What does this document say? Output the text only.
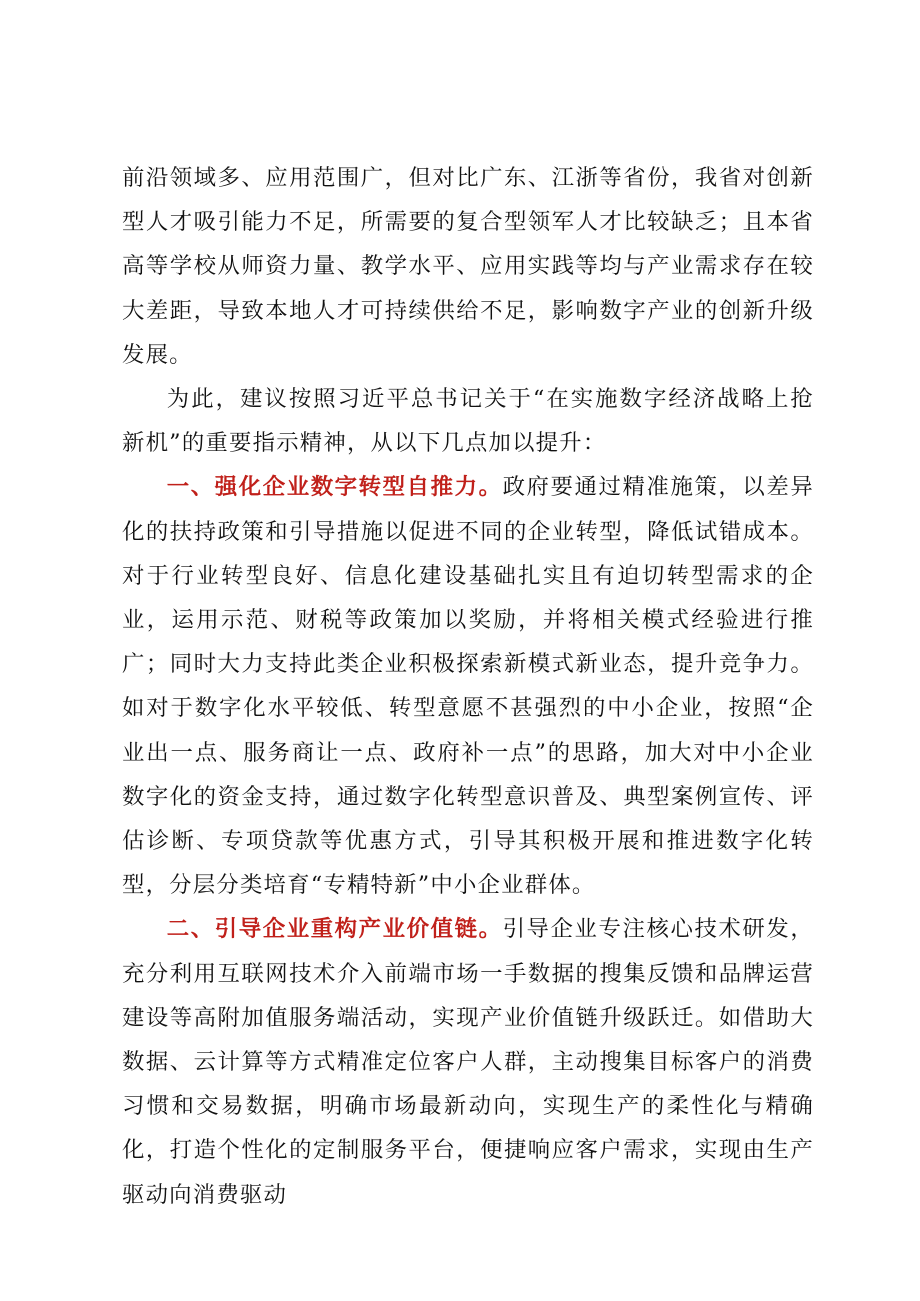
前沿领域多、应用范围广，但对比广东、江浙等省份，我省对创新型人才吸引能力不足，所需要的复合型领军人才比较缺乏；且本省高等学校从师资力量、教学水平、应用实践等均与产业需求存在较大差距，导致本地人才可持续供给不足，影响数字产业的创新升级发展。

为此，建议按照习近平总书记关于“在实施数字经济战略上抢新机”的重要指示精神，从以下几点加以提升：

一、强化企业数字转型自推力。政府要通过精准施策，以差异化的扶持政策和引导措施以促进不同的企业转型，降低试错成本。对于行业转型良好、信息化建设基础扎实且有迫切转型需求的企业，运用示范、财税等政策加以奖励，并将相关模式经验进行推广；同时大力支持此类企业积极探索新模式新业态，提升竞争力。如对于数字化水平较低、转型意愿不甚强烈的中小企业，按照“企业出一点、服务商让一点、政府补一点”的思路，加大对中小企业数字化的资金支持，通过数字化转型意识普及、典型案例宣传、评估诊断、专项贷款等优惠方式，引导其积极开展和推进数字化转型，分层分类培育“专精特新”中小企业群体。

二、引导企业重构产业价值链。引导企业专注核心技术研发，充分利用互联网技术介入前端市场一手数据的搜集反馈和品牌运营建设等高附加值服务端活动，实现产业价值链升级跃迁。如借助大数据、云计算等方式精准定位客户人群，主动搜集目标客户的消费习惯和交易数据，明确市场最新动向，实现生产的柔性化与精确化，打造个性化的定制服务平台，便捷响应客户需求，实现由生产驱动向消费驱动
